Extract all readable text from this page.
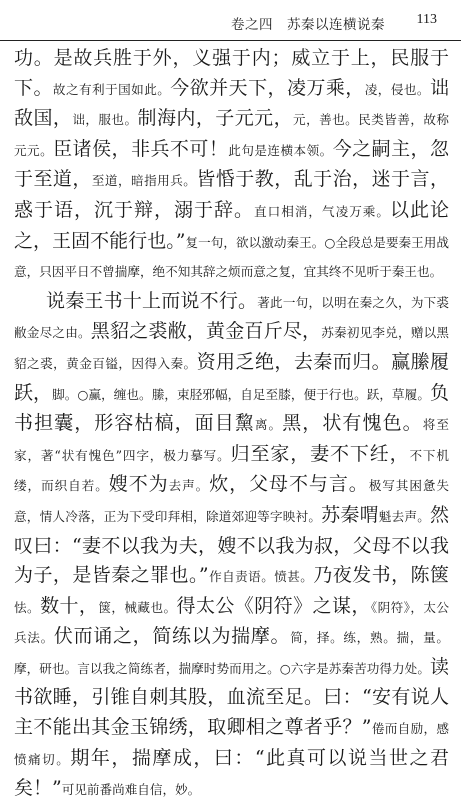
卷之四　苏秦以连横说秦 113

功。是故兵胜于外，义强于内；威立于上，民服于下。故之有利于国如此。今欲并天下，凌万乘，凌，侵也。诎敌国，诎，服也。制海内，子元元，元，善也。民类皆善，故称元元。臣诸侯，非兵不可！此句是连横本领。今之嗣主，忽于至道，至道，暗指用兵。皆惛于教，乱于治，迷于言，惑于语，沉于辩，溺于辞。直口相消，气凌万乘。以此论之，王固不能行也。”复一句，欲以激动秦王。○全段总是要秦王用战意，只因平日不曾揣摩，绝不知其辞之烦而意之复，宜其终不见听于秦王也。

说秦王书十上而说不行。著此一句，以明在秦之久，为下裘敝金尽之由。黑貂之裘敝，黄金百斤尽，苏秦初见李兑，赠以黑貂之裘，黄金百镒，因得入秦。资用乏绝，去秦而归。赢縢履跃，脚。○赢，缠也。縢，束胫邪幅，自足至膝，便于行也。跃，草履。负书担囊，形容枯槁，面目黧离。黑，状有愧色。将至家，著“状有愧色”四字，极力摹写。归至家，妻不下纴，不下机缕，而织自若。嫂不为去声。炊，父母不与言。极写其困惫失意，情人冷落，正为下受印拜相，除道郊迎等字映衬。苏秦喟魁去声。然叹曰：“妻不以我为夫，嫂不以我为叔，父母不以我为子，是皆秦之罪也。”作自责语。愤甚。乃夜发书，陈箧怯。数十，箧，械藏也。得太公《阴符》之谋，《阴符》，太公兵法。伏而诵之，简练以为揣摩。简，择。练，熟。揣，量。摩，研也。言以我之简练者，揣摩时势而用之。○六字是苏秦苦功得力处。读书欲睡，引锥自刺其股，血流至足。曰：“安有说人主不能出其金玉锦绣，取卿相之尊者乎？”倦而自励，感愤痛切。期年，揣摩成，曰：“此真可以说当世之君矣！”可见前番尚难自信，妙。
